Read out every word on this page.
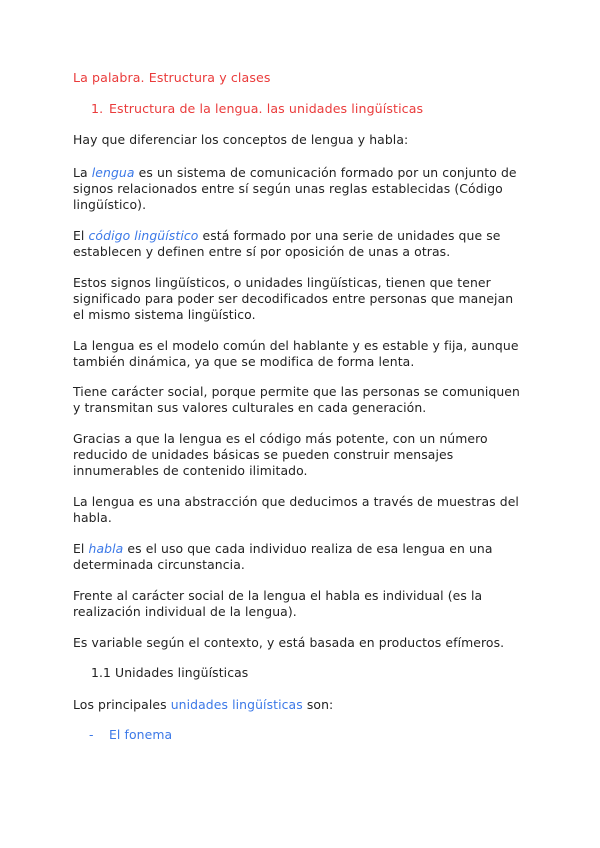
La palabra. Estructura y clases
1. Estructura de la lengua. las unidades lingüísticas
Hay que diferenciar los conceptos de lengua y habla:
La lengua es un sistema de comunicación formado por un conjunto de
signos relacionados entre sí según unas reglas establecidas (Código
lingüístico).
El código lingüístico está formado por una serie de unidades que se
establecen y definen entre sí por oposición de unas a otras.
Estos signos lingüísticos, o unidades lingüísticas, tienen que tener
significado para poder ser decodificados entre personas que manejan
el mismo sistema lingüístico.
La lengua es el modelo común del hablante y es estable y fija, aunque
también dinámica, ya que se modifica de forma lenta.
Tiene carácter social, porque permite que las personas se comuniquen
y transmitan sus valores culturales en cada generación.
Gracias a que la lengua es el código más potente, con un número
reducido de unidades básicas se pueden construir mensajes
innumerables de contenido ilimitado.
La lengua es una abstracción que deducimos a través de muestras del
habla.
El habla es el uso que cada individuo realiza de esa lengua en una
determinada circunstancia.
Frente al carácter social de la lengua el habla es individual (es la
realización individual de la lengua).
Es variable según el contexto, y está basada en productos efímeros.
1.1 Unidades lingüísticas
Los principales unidades lingüísticas son:
- El fonema
